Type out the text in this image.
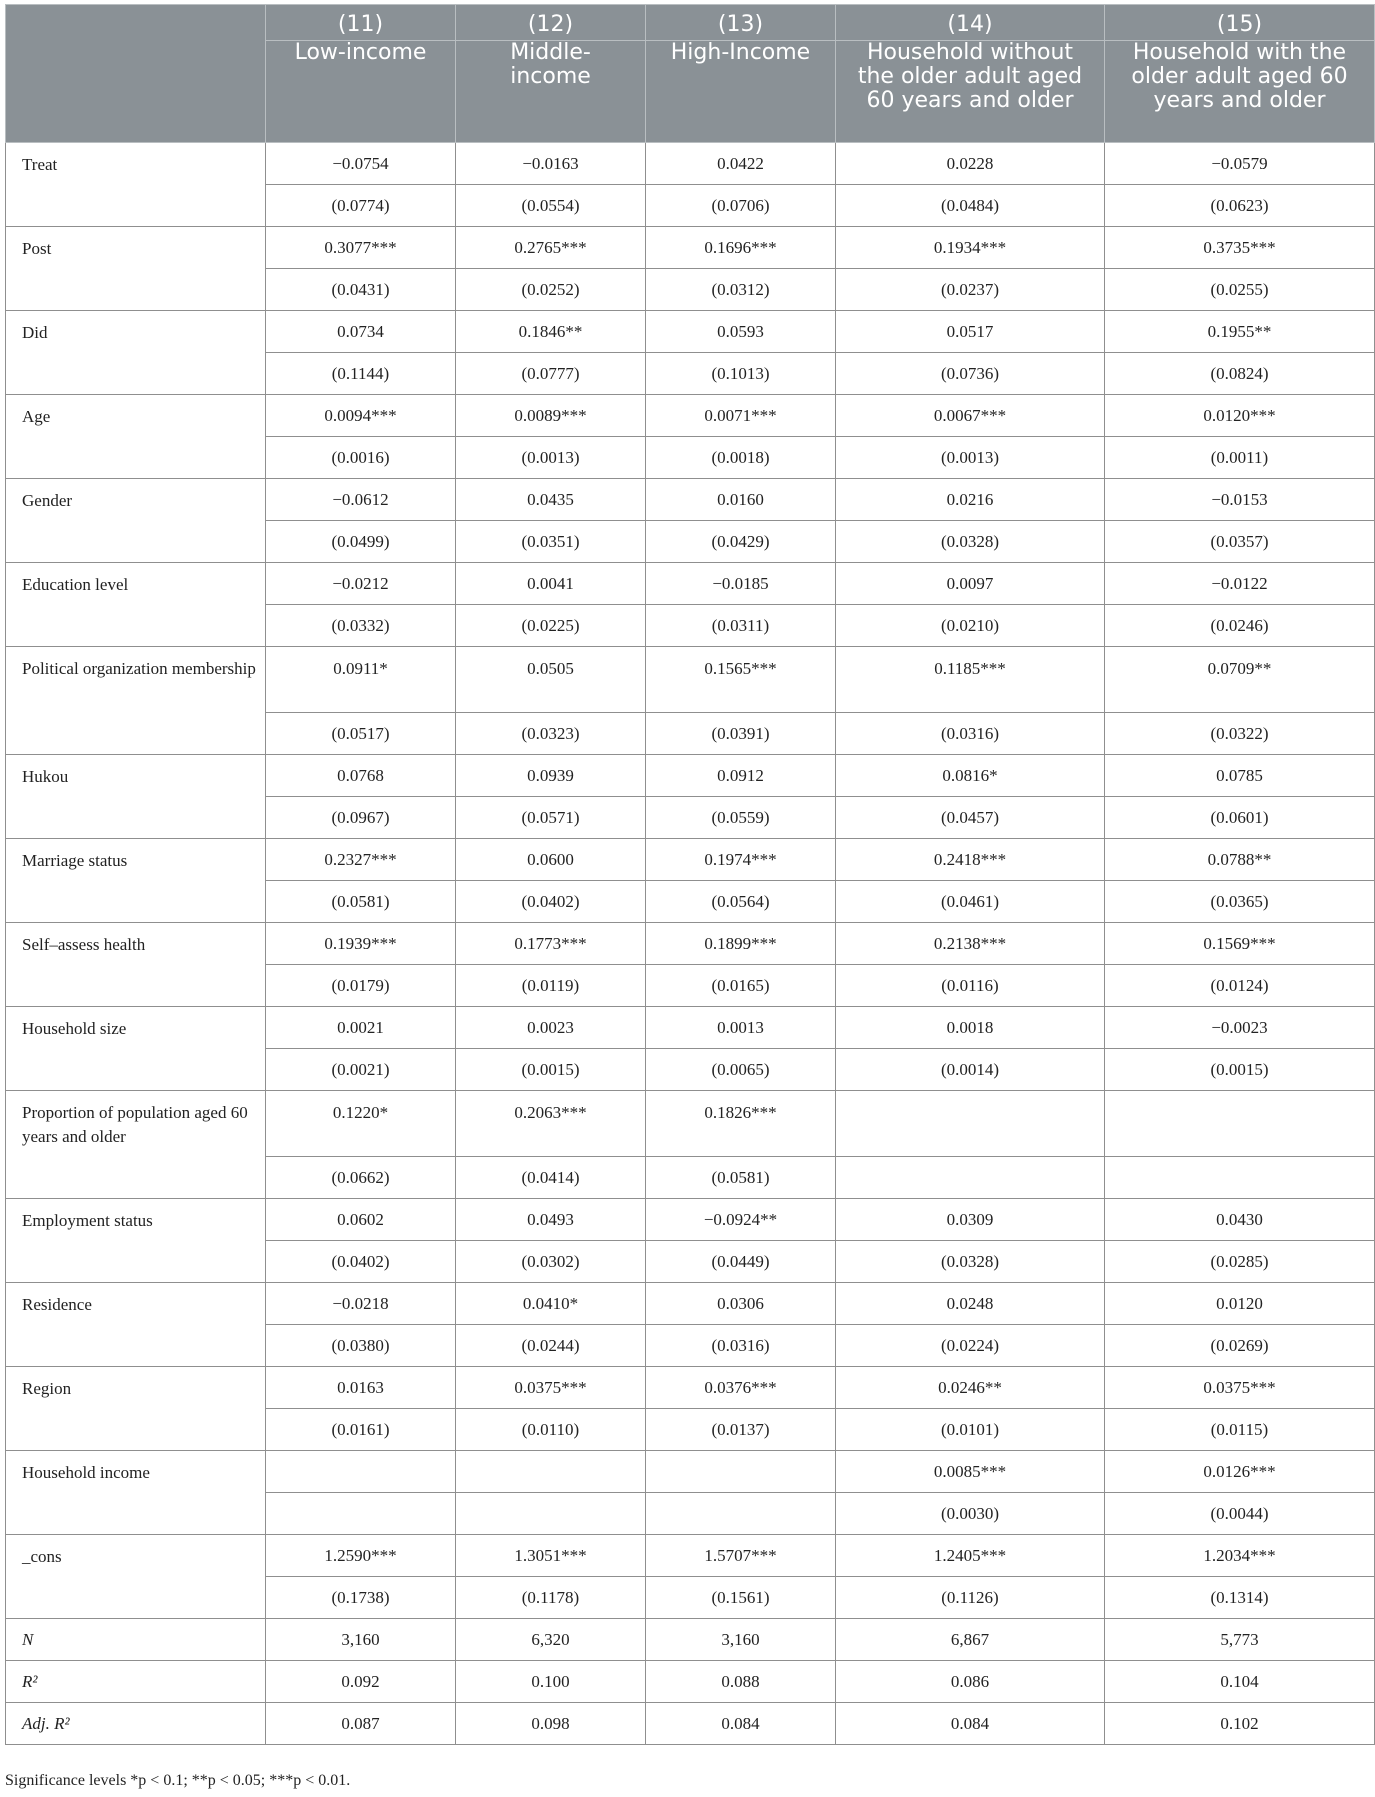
	(11)	(12)	(13)	(14)	(15)
	Low-income	Middle-income	High-Income	Household without the older adult aged 60 years and older	Household with the older adult aged 60 years and older
Treat	−0.0754	−0.0163	0.0422	0.0228	−0.0579
	(0.0774)	(0.0554)	(0.0706)	(0.0484)	(0.0623)
Post	0.3077***	0.2765***	0.1696***	0.1934***	0.3735***
	(0.0431)	(0.0252)	(0.0312)	(0.0237)	(0.0255)
Did	0.0734	0.1846**	0.0593	0.0517	0.1955**
	(0.1144)	(0.0777)	(0.1013)	(0.0736)	(0.0824)
Age	0.0094***	0.0089***	0.0071***	0.0067***	0.0120***
	(0.0016)	(0.0013)	(0.0018)	(0.0013)	(0.0011)
Gender	−0.0612	0.0435	0.0160	0.0216	−0.0153
	(0.0499)	(0.0351)	(0.0429)	(0.0328)	(0.0357)
Education level	−0.0212	0.0041	−0.0185	0.0097	−0.0122
	(0.0332)	(0.0225)	(0.0311)	(0.0210)	(0.0246)
Political organization membership	0.0911*	0.0505	0.1565***	0.1185***	0.0709**
	(0.0517)	(0.0323)	(0.0391)	(0.0316)	(0.0322)
Hukou	0.0768	0.0939	0.0912	0.0816*	0.0785
	(0.0967)	(0.0571)	(0.0559)	(0.0457)	(0.0601)
Marriage status	0.2327***	0.0600	0.1974***	0.2418***	0.0788**
	(0.0581)	(0.0402)	(0.0564)	(0.0461)	(0.0365)
Self–assess health	0.1939***	0.1773***	0.1899***	0.2138***	0.1569***
	(0.0179)	(0.0119)	(0.0165)	(0.0116)	(0.0124)
Household size	0.0021	0.0023	0.0013	0.0018	−0.0023
	(0.0021)	(0.0015)	(0.0065)	(0.0014)	(0.0015)
Proportion of population aged 60 years and older	0.1220*	0.2063***	0.1826***		
	(0.0662)	(0.0414)	(0.0581)		
Employment status	0.0602	0.0493	−0.0924**	0.0309	0.0430
	(0.0402)	(0.0302)	(0.0449)	(0.0328)	(0.0285)
Residence	−0.0218	0.0410*	0.0306	0.0248	0.0120
	(0.0380)	(0.0244)	(0.0316)	(0.0224)	(0.0269)
Region	0.0163	0.0375***	0.0376***	0.0246**	0.0375***
	(0.0161)	(0.0110)	(0.0137)	(0.0101)	(0.0115)
Household income				0.0085***	0.0126***
				(0.0030)	(0.0044)
_cons	1.2590***	1.3051***	1.5707***	1.2405***	1.2034***
	(0.1738)	(0.1178)	(0.1561)	(0.1126)	(0.1314)
N	3,160	6,320	3,160	6,867	5,773
R²	0.092	0.100	0.088	0.086	0.104
Adj. R²	0.087	0.098	0.084	0.084	0.102
Significance levels *p < 0.1; **p < 0.05; ***p < 0.01.
